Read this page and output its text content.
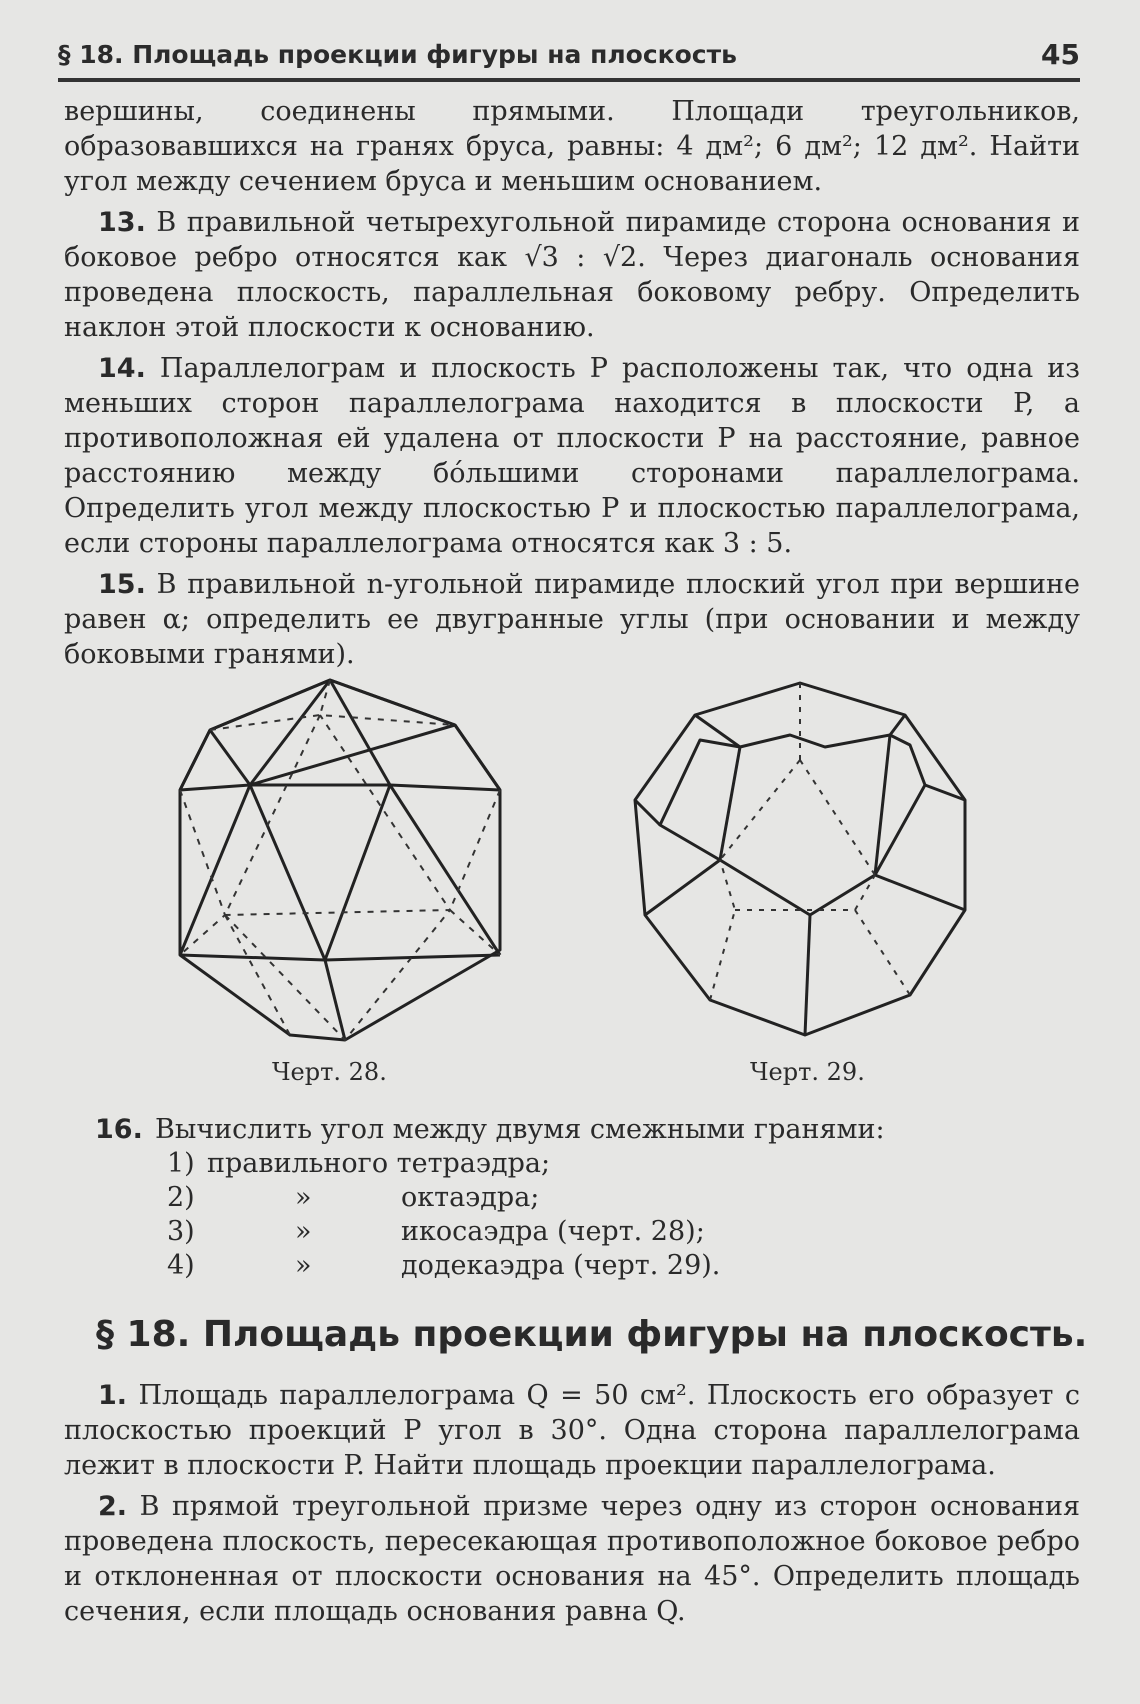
§ 18. Площадь проекции фигуры на плоскость	45
вершины, соединены прямыми. Площади треугольников, образовавшихся на гранях бруса, равны: 4 дм²; 6 дм²; 12 дм². Найти угол между сечением бруса и меньшим основанием.
13. В правильной четырехугольной пирамиде сторона основания и боковое ребро относятся как √3 : √2. Через диагональ основания проведена плоскость, параллельная боковому ребру. Определить наклон этой плоскости к основанию.
14. Параллелограм и плоскость P расположены так, что одна из меньших сторон параллелограма находится в плоскости P, а противоположная ей удалена от плоскости P на расстояние, равное расстоянию между бо́льшими сторонами параллелограма. Определить угол между плоскостью P и плоскостью параллелограма, если стороны параллелограма относятся как 3 : 5.
15. В правильной n-угольной пирамиде плоский угол при вершине равен α; определить ее двугранные углы (при основании и между боковыми гранями).
Черт. 28.	Черт. 29.
16. Вычислить угол между двумя смежными гранями:
1) правильного тетраэдра;
2)	»	октаэдра;
3)	»	икосаэдра (черт. 28);
4)	»	додекаэдра (черт. 29).
§ 18. Площадь проекции фигуры на плоскость.
1. Площадь параллелограма Q = 50 см². Плоскость его образует с плоскостью проекций P угол в 30°. Одна сторона параллелограма лежит в плоскости P. Найти площадь проекции параллелограма.
2. В прямой треугольной призме через одну из сторон основания проведена плоскость, пересекающая противоположное боковое ребро и отклоненная от плоскости основания на 45°. Определить площадь сечения, если площадь основания равна Q.
